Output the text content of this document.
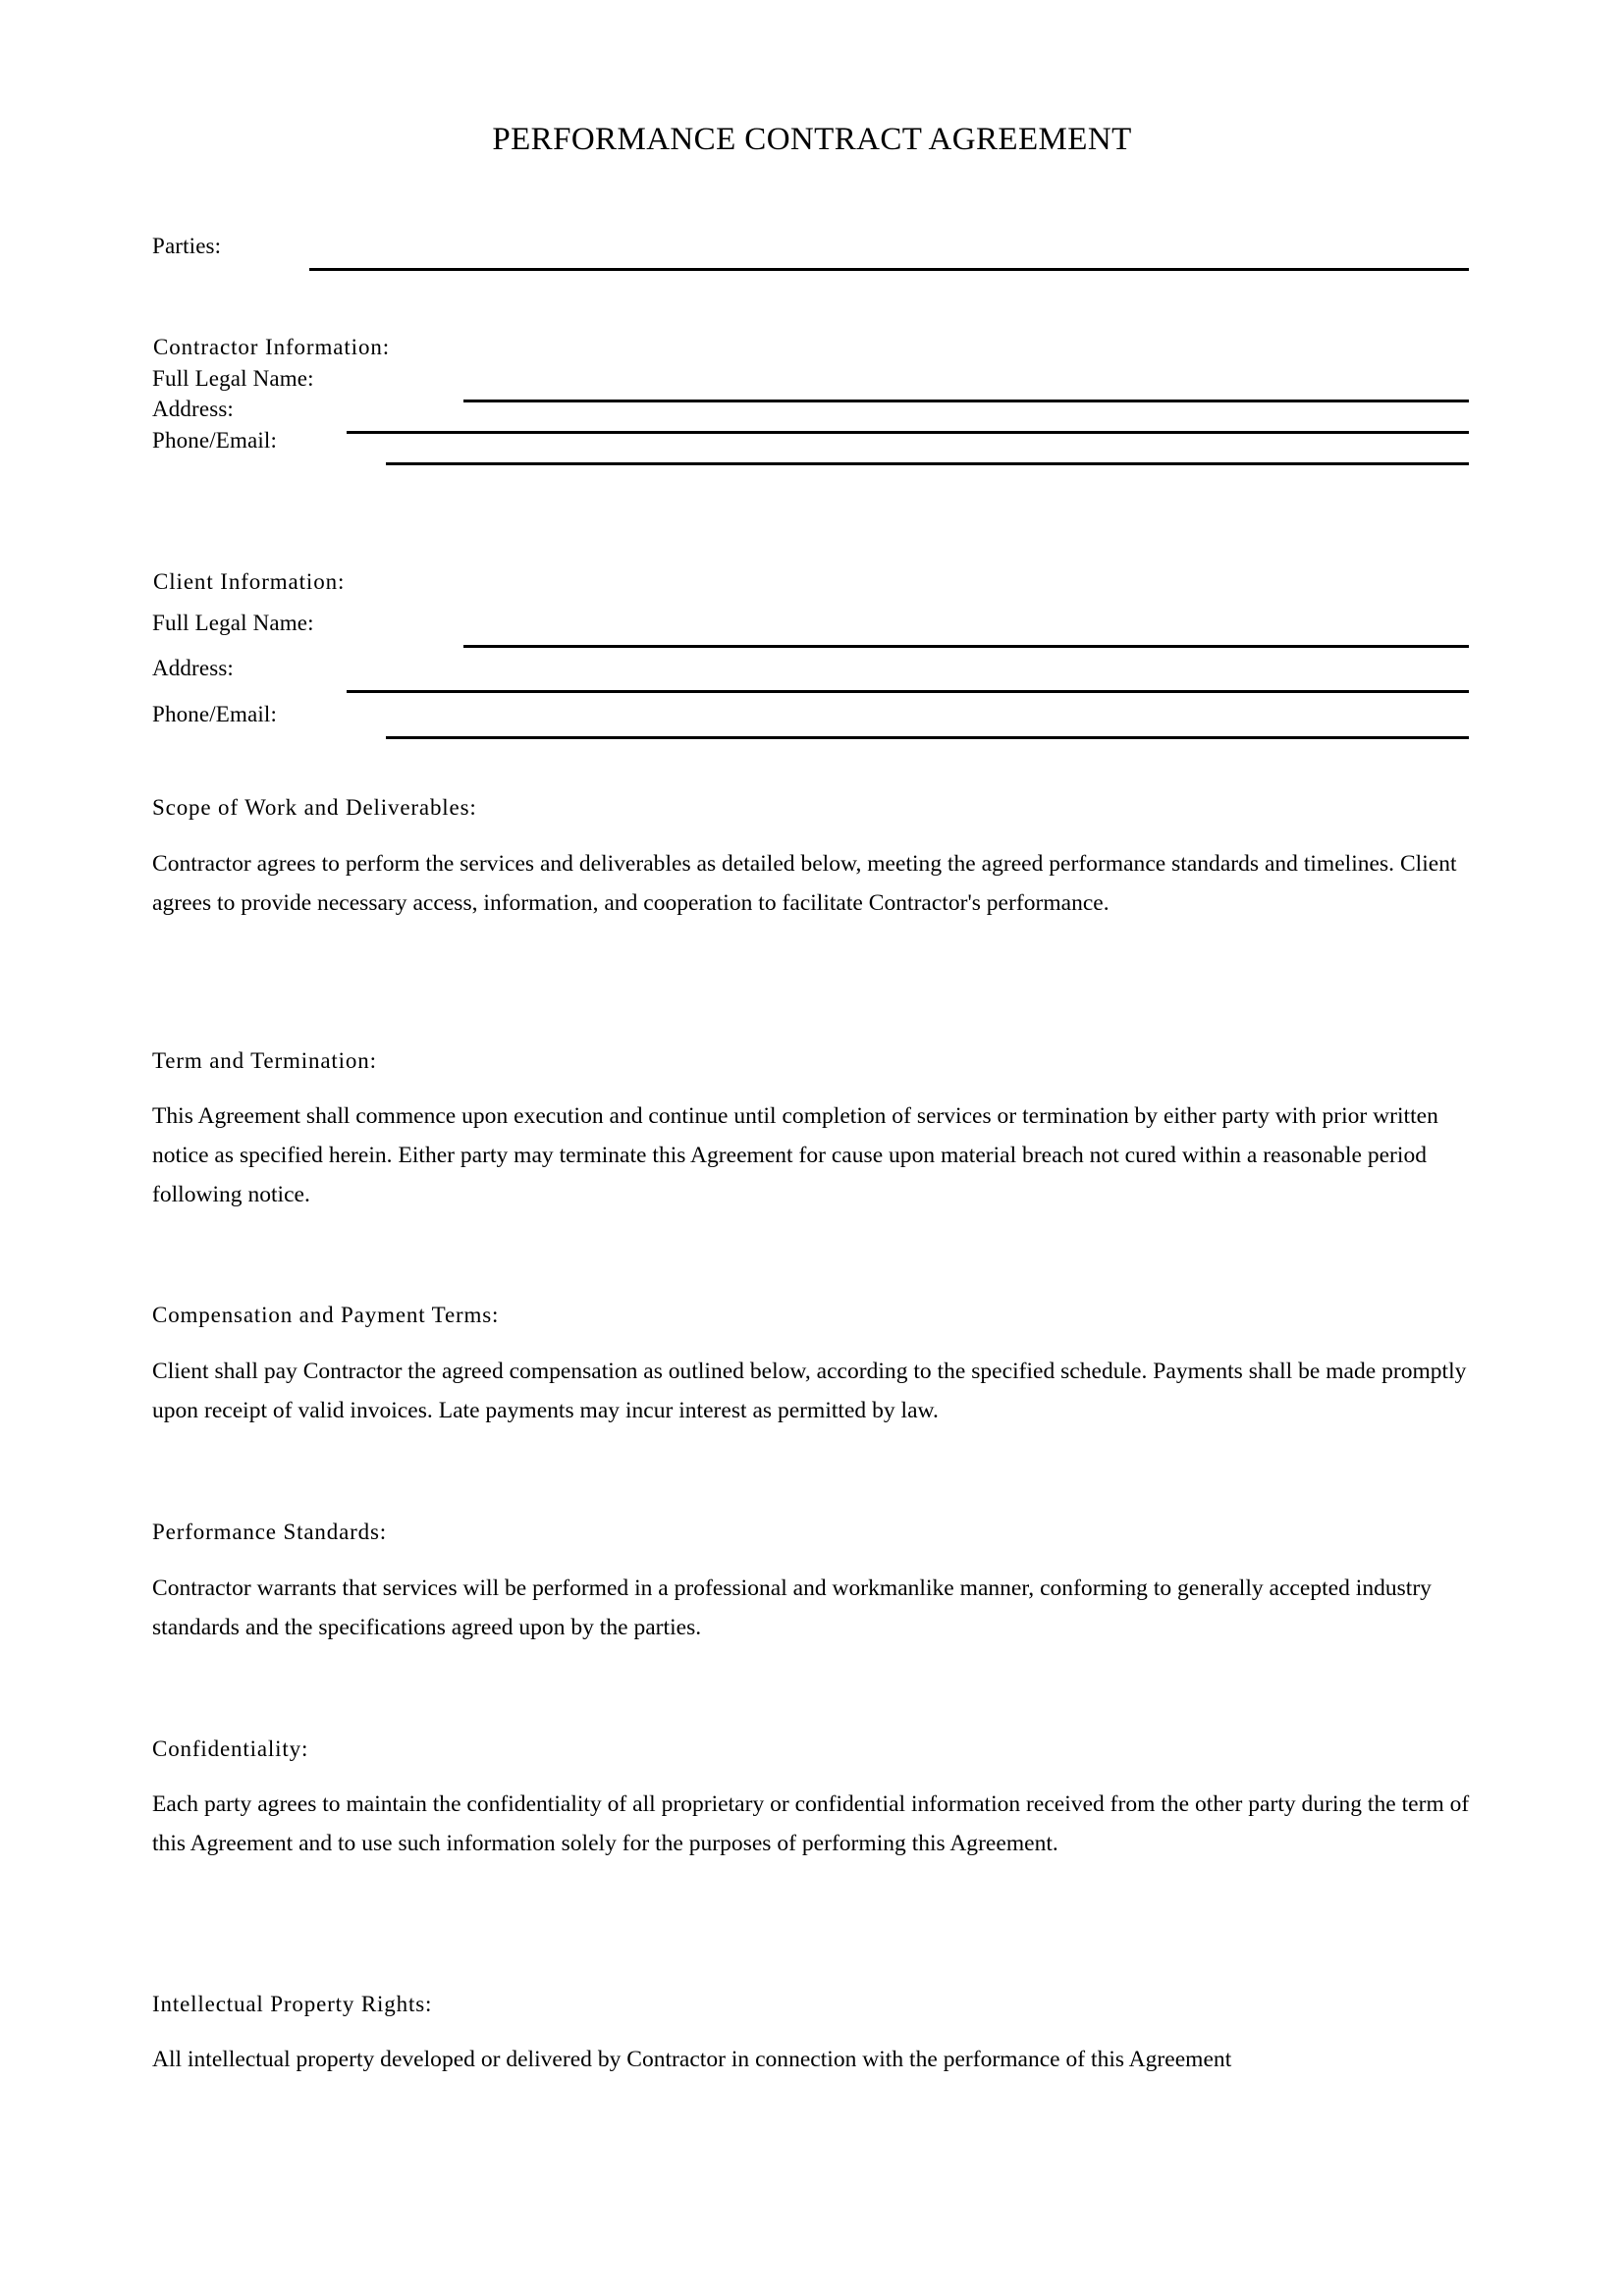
PERFORMANCE CONTRACT AGREEMENT
Parties:
Contractor Information:
Full Legal Name:
Address:
Phone/Email:
Client Information:
Full Legal Name:
Address:
Phone/Email:
Scope of Work and Deliverables:
Contractor agrees to perform the services and deliverables as detailed below, meeting the agreed performance standards and timelines. Client agrees to provide necessary access, information, and cooperation to facilitate Contractor's performance.
Term and Termination:
This Agreement shall commence upon execution and continue until completion of services or termination by either party with prior written notice as specified herein. Either party may terminate this Agreement for cause upon material breach not cured within a reasonable period following notice.
Compensation and Payment Terms:
Client shall pay Contractor the agreed compensation as outlined below, according to the specified schedule. Payments shall be made promptly upon receipt of valid invoices. Late payments may incur interest as permitted by law.
Performance Standards:
Contractor warrants that services will be performed in a professional and workmanlike manner, conforming to generally accepted industry standards and the specifications agreed upon by the parties.
Confidentiality:
Each party agrees to maintain the confidentiality of all proprietary or confidential information received from the other party during the term of this Agreement and to use such information solely for the purposes of performing this Agreement.
Intellectual Property Rights:
All intellectual property developed or delivered by Contractor in connection with the performance of this Agreement
